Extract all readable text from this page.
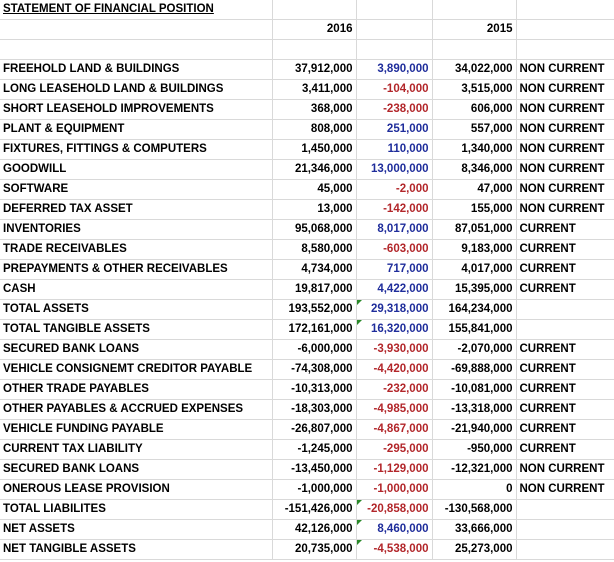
STATEMENT OF FINANCIAL POSITION				
	2016		2015	

FREEHOLD LAND & BUILDINGS	37,912,000	3,890,000	34,022,000	NON CURRENT
LONG LEASEHOLD LAND & BUILDINGS	3,411,000	-104,000	3,515,000	NON CURRENT
SHORT LEASEHOLD IMPROVEMENTS	368,000	-238,000	606,000	NON CURRENT
PLANT & EQUIPMENT	808,000	251,000	557,000	NON CURRENT
FIXTURES, FITTINGS & COMPUTERS	1,450,000	110,000	1,340,000	NON CURRENT
GOODWILL	21,346,000	13,000,000	8,346,000	NON CURRENT
SOFTWARE	45,000	-2,000	47,000	NON CURRENT
DEFERRED TAX ASSET	13,000	-142,000	155,000	NON CURRENT
INVENTORIES	95,068,000	8,017,000	87,051,000	CURRENT
TRADE RECEIVABLES	8,580,000	-603,000	9,183,000	CURRENT
PREPAYMENTS & OTHER RECEIVABLES	4,734,000	717,000	4,017,000	CURRENT
CASH	19,817,000	4,422,000	15,395,000	CURRENT
TOTAL ASSETS	193,552,000	29,318,000	164,234,000	
TOTAL TANGIBLE ASSETS	172,161,000	16,320,000	155,841,000	
SECURED BANK LOANS	-6,000,000	-3,930,000	-2,070,000	CURRENT
VEHICLE CONSIGNEMT CREDITOR PAYABLE	-74,308,000	-4,420,000	-69,888,000	CURRENT
OTHER TRADE PAYABLES	-10,313,000	-232,000	-10,081,000	CURRENT
OTHER PAYABLES & ACCRUED EXPENSES	-18,303,000	-4,985,000	-13,318,000	CURRENT
VEHICLE FUNDING PAYABLE	-26,807,000	-4,867,000	-21,940,000	CURRENT
CURRENT TAX LIABILITY	-1,245,000	-295,000	-950,000	CURRENT
SECURED BANK LOANS	-13,450,000	-1,129,000	-12,321,000	NON CURRENT
ONEROUS LEASE PROVISION	-1,000,000	-1,000,000	0	NON CURRENT
TOTAL LIABILITES	-151,426,000	-20,858,000	-130,568,000	
NET ASSETS	42,126,000	8,460,000	33,666,000	
NET TANGIBLE ASSETS	20,735,000	-4,538,000	25,273,000	
